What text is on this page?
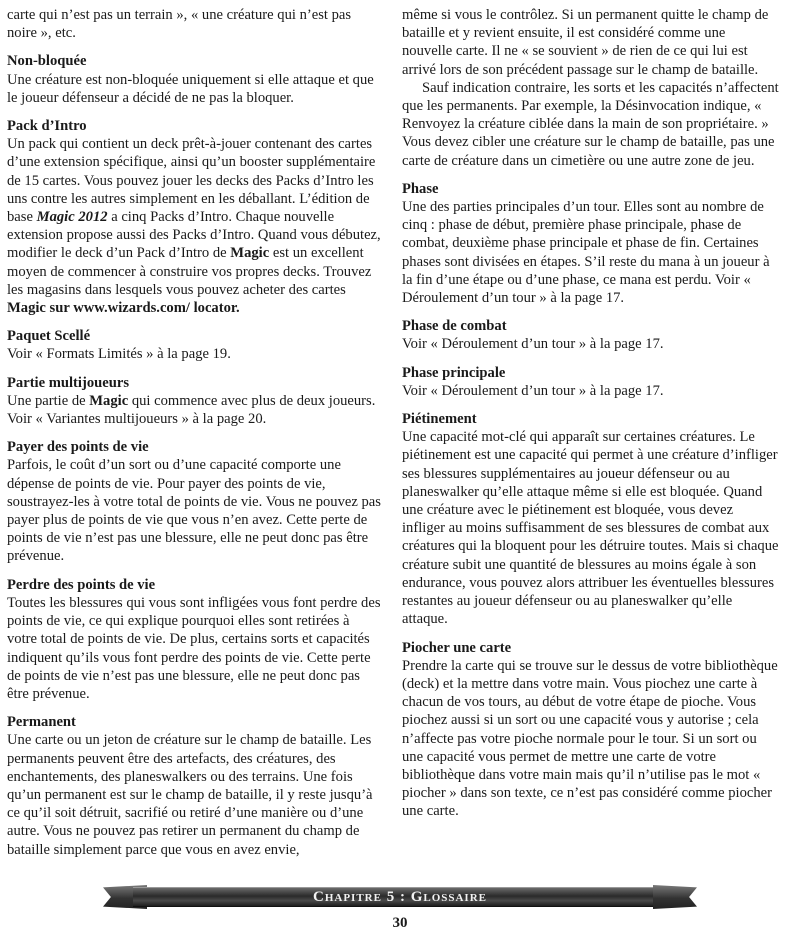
carte qui n’est pas un terrain », « une créature qui n’est pas noire », etc.
Non-bloquée
Une créature est non-bloquée uniquement si elle attaque et que le joueur défenseur a décidé de ne pas la bloquer.
Pack d’Intro
Un pack qui contient un deck prêt-à-jouer contenant des cartes d’une extension spécifique, ainsi qu’un booster supplémentaire de 15 cartes. Vous pouvez jouer les decks des Packs d’Intro les uns contre les autres simplement en les déballant. L’édition de base Magic 2012 a cinq Packs d’Intro. Chaque nouvelle extension propose aussi des Packs d’Intro. Quand vous débutez, modifier le deck d’un Pack d’Intro de Magic est un excellent moyen de commencer à construire vos propres decks. Trouvez les magasins dans lesquels vous pouvez acheter des cartes Magic sur www.wizards.com/ locator.
Paquet Scellé
Voir « Formats Limités » à la page 19.
Partie multijoueurs
Une partie de Magic qui commence avec plus de deux joueurs. Voir « Variantes multijoueurs » à la page 20.
Payer des points de vie
Parfois, le coût d’un sort ou d’une capacité comporte une dépense de points de vie. Pour payer des points de vie, soustrayez-les à votre total de points de vie. Vous ne pouvez pas payer plus de points de vie que vous n’en avez. Cette perte de points de vie n’est pas une blessure, elle ne peut donc pas être prévenue.
Perdre des points de vie
Toutes les blessures qui vous sont infligées vous font perdre des points de vie, ce qui explique pourquoi elles sont retirées à votre total de points de vie. De plus, certains sorts et capacités indiquent qu’ils vous font perdre des points de vie. Cette perte de points de vie n’est pas une blessure, elle ne peut donc pas être prévenue.
Permanent
Une carte ou un jeton de créature sur le champ de bataille. Les permanents peuvent être des artefacts, des créatures, des enchantements, des planeswalkers ou des terrains. Une fois qu’un permanent est sur le champ de bataille, il y reste jusqu’à ce qu’il soit détruit, sacrifié ou retiré d’une manière ou d’une autre. Vous ne pouvez pas retirer un permanent du champ de bataille simplement parce que vous en avez envie,
même si vous le contrôlez. Si un permanent quitte le champ de bataille et y revient ensuite, il est considéré comme une nouvelle carte. Il ne « se souvient » de rien de ce qui lui est arrivé lors de son précédent passage sur le champ de bataille.
Sauf indication contraire, les sorts et les capacités n’affectent que les permanents. Par exemple, la Désinvocation indique, « Renvoyez la créature ciblée dans la main de son propriétaire. » Vous devez cibler une créature sur le champ de bataille, pas une carte de créature dans un cimetière ou une autre zone de jeu.
Phase
Une des parties principales d’un tour. Elles sont au nombre de cinq : phase de début, première phase principale, phase de combat, deuxième phase principale et phase de fin. Certaines phases sont divisées en étapes. S’il reste du mana à un joueur à la fin d’une étape ou d’une phase, ce mana est perdu. Voir « Déroulement d’un tour » à la page 17.
Phase de combat
Voir « Déroulement d’un tour » à la page 17.
Phase principale
Voir « Déroulement d’un tour » à la page 17.
Piétinement
Une capacité mot-clé qui apparaît sur certaines créatures. Le piétinement est une capacité qui permet à une créature d’infliger ses blessures supplémentaires au joueur défenseur ou au planeswalker qu’elle attaque même si elle est bloquée. Quand une créature avec le piétinement est bloquée, vous devez infliger au moins suffisamment de ses blessures de combat aux créatures qui la bloquent pour les détruire toutes. Mais si chaque créature subit une quantité de blessures au moins égale à son endurance, vous pouvez alors attribuer les éventuelles blessures restantes au joueur défenseur ou au planeswalker qu’elle attaque.
Piocher une carte
Prendre la carte qui se trouve sur le dessus de votre bibliothèque (deck) et la mettre dans votre main. Vous piochez une carte à chacun de vos tours, au début de votre étape de pioche. Vous piochez aussi si un sort ou une capacité vous y autorise ; cela n’affecte pas votre pioche normale pour le tour. Si un sort ou une capacité vous permet de mettre une carte de votre bibliothèque dans votre main mais qu’il n’utilise pas le mot « piocher » dans son texte, ce n’est pas considéré comme piocher une carte.
Chapitre 5 : Glossaire
30
